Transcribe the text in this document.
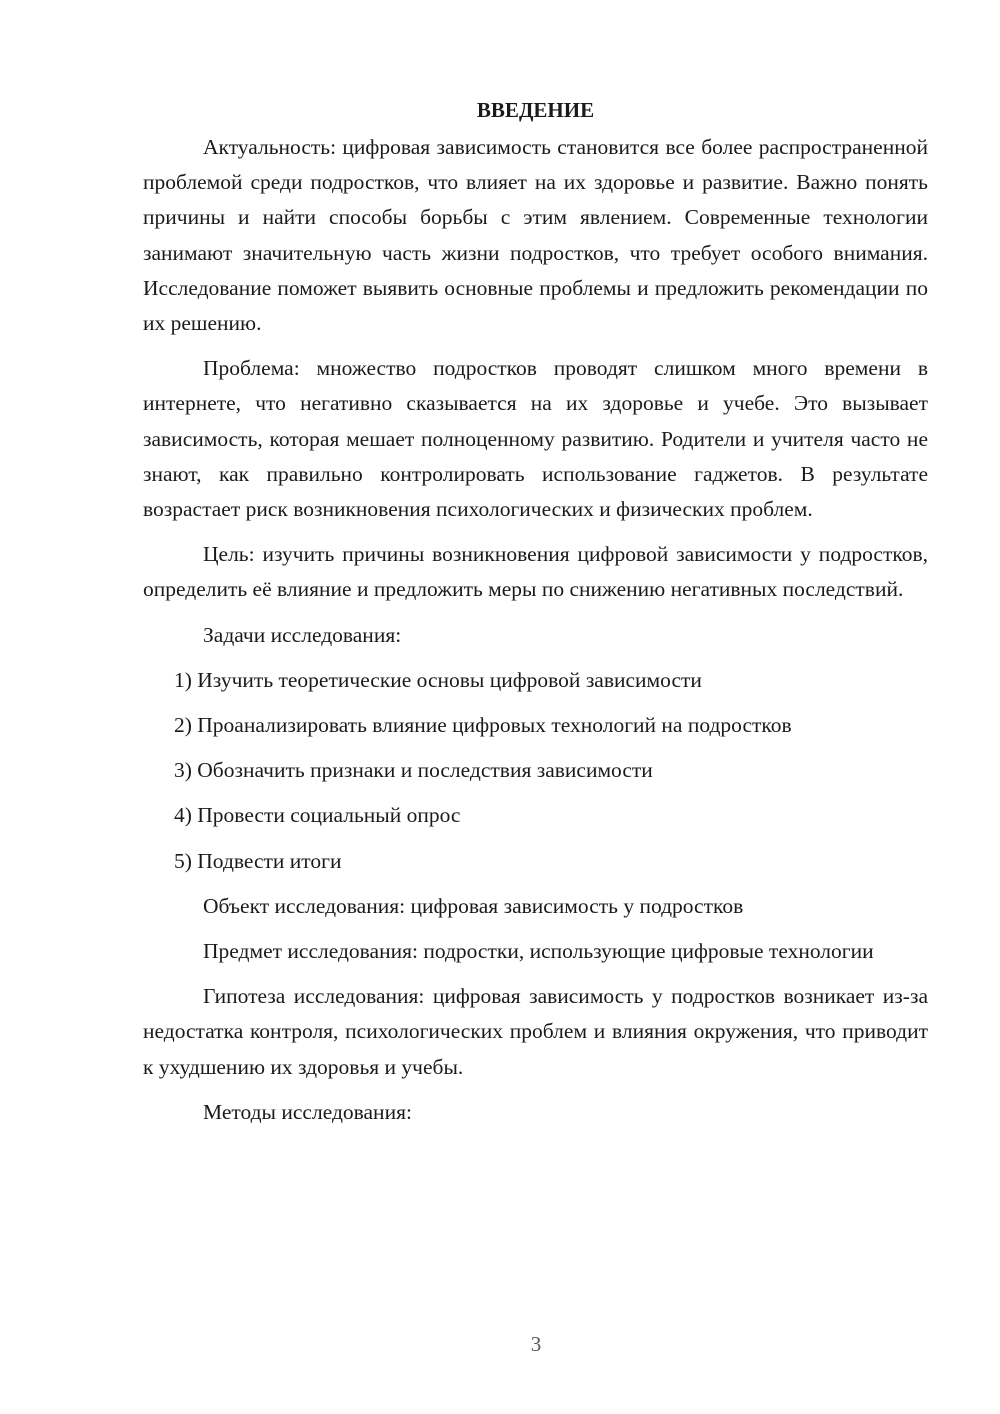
ВВЕДЕНИЕ

Актуальность: цифровая зависимость становится все более распространенной проблемой среди подростков, что влияет на их здоровье и развитие. Важно понять причины и найти способы борьбы с этим явлением. Современные технологии занимают значительную часть жизни подростков, что требует особого внимания. Исследование поможет выявить основные проблемы и предложить рекомендации по их решению.

Проблема: множество подростков проводят слишком много времени в интернете, что негативно сказывается на их здоровье и учебе. Это вызывает зависимость, которая мешает полноценному развитию. Родители и учителя часто не знают, как правильно контролировать использование гаджетов. В результате возрастает риск возникновения психологических и физических проблем.

Цель: изучить причины возникновения цифровой зависимости у подростков, определить её влияние и предложить меры по снижению негативных последствий.

Задачи исследования:

1) Изучить теоретические основы цифровой зависимости

2) Проанализировать влияние цифровых технологий на подростков

3) Обозначить признаки и последствия зависимости

4) Провести социальный опрос

5) Подвести итоги

Объект исследования: цифровая зависимость у подростков

Предмет исследования: подростки, использующие цифровые технологии

Гипотеза исследования: цифровая зависимость у подростков возникает из-за недостатка контроля, психологических проблем и влияния окружения, что приводит к ухудшению их здоровья и учебы.

Методы исследования:

3
